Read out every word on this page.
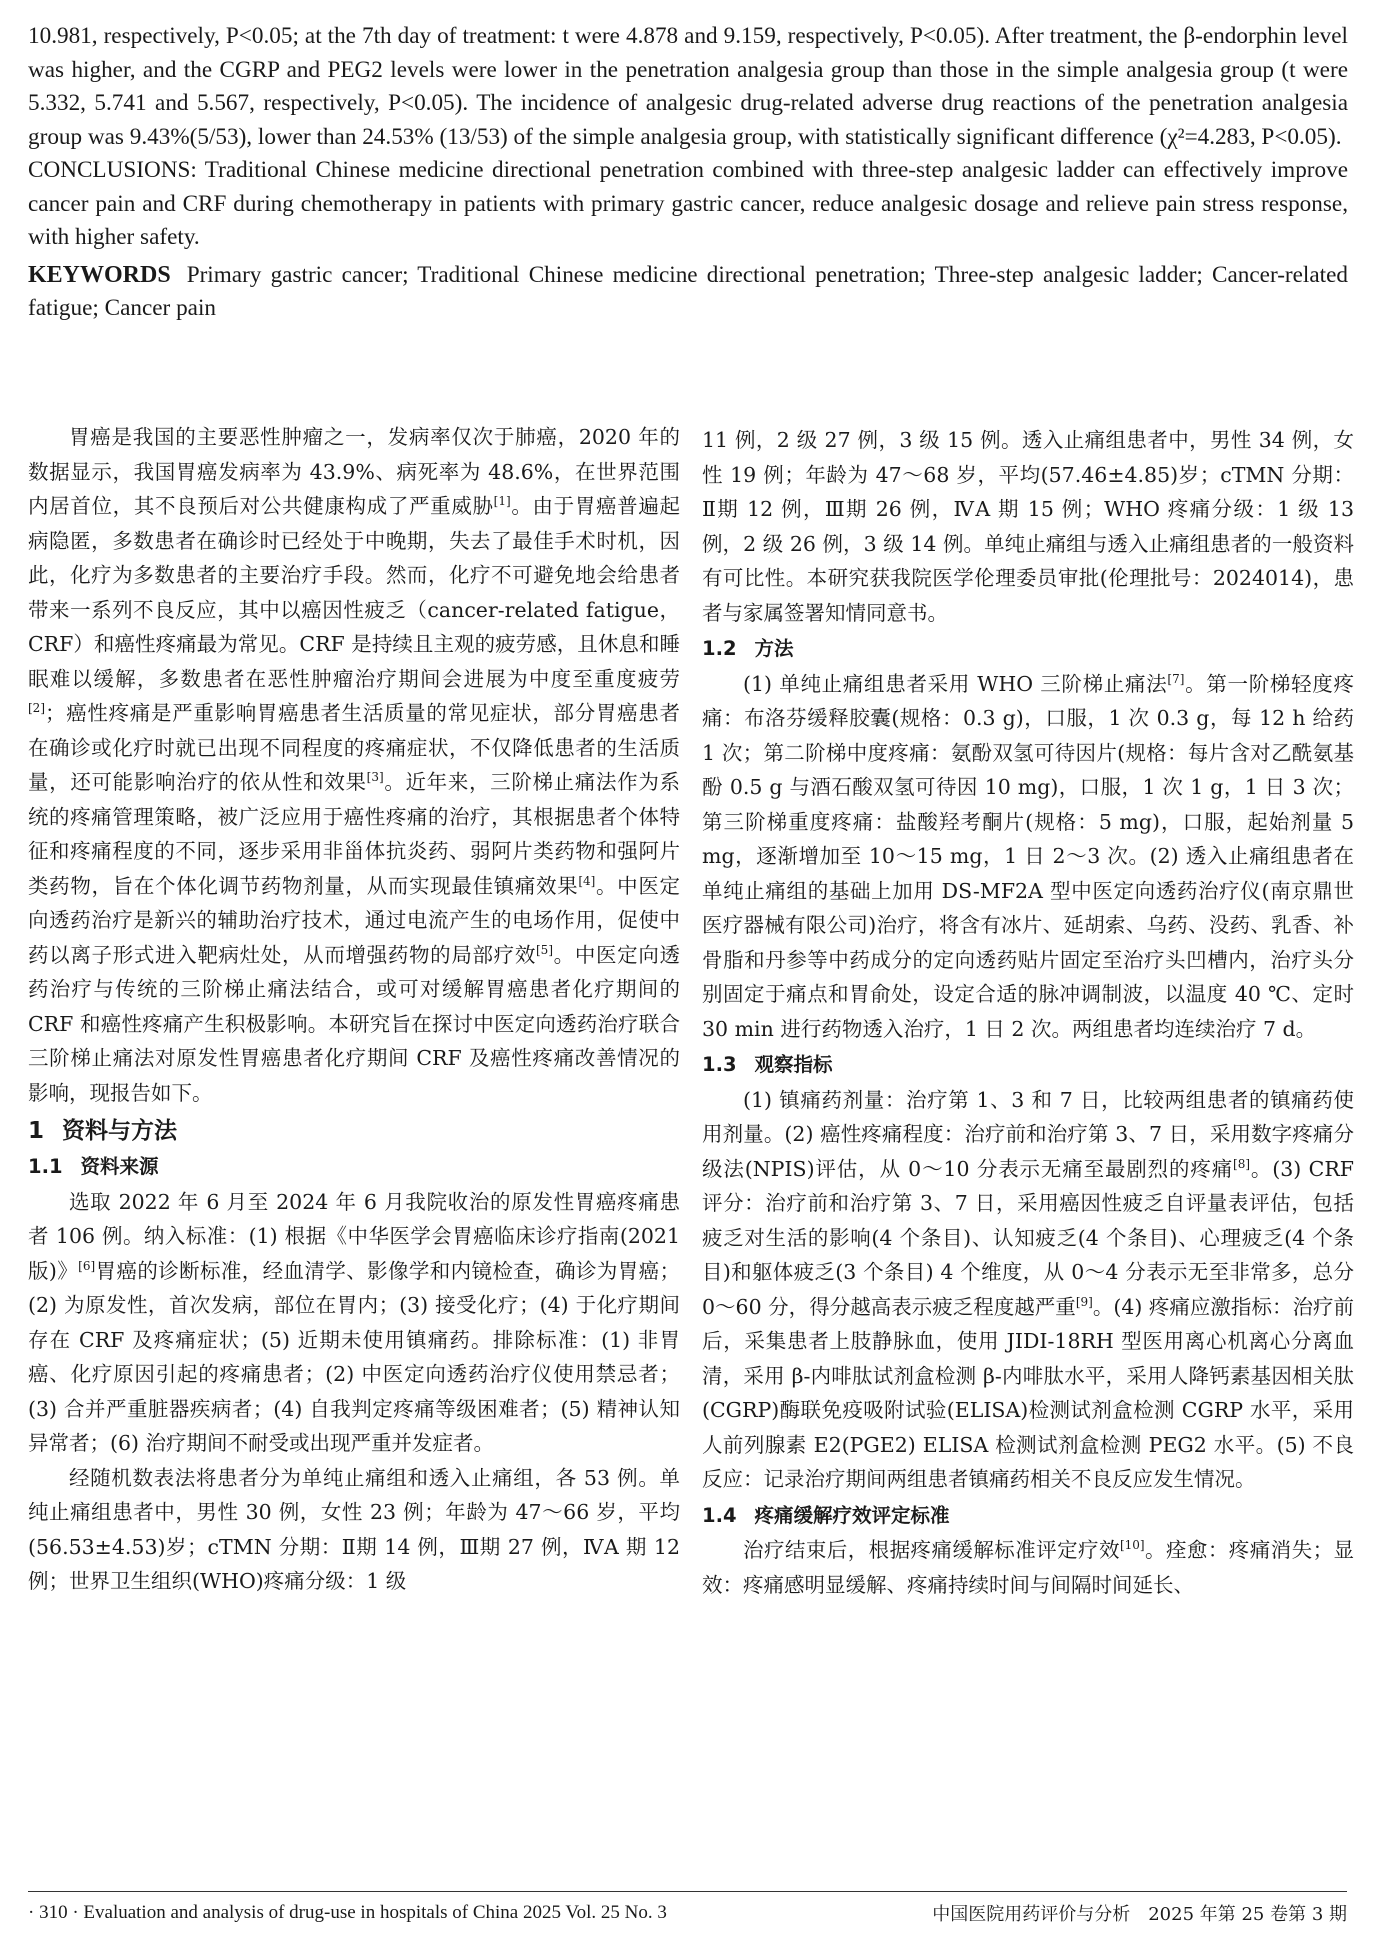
10.981, respectively, P<0.05; at the 7th day of treatment: t were 4.878 and 9.159, respectively, P<0.05). After treatment, the β-endorphin level was higher, and the CGRP and PEG2 levels were lower in the penetration analgesia group than those in the simple analgesia group (t were 5.332, 5.741 and 5.567, respectively, P<0.05). The incidence of analgesic drug-related adverse drug reactions of the penetration analgesia group was 9.43%(5/53), lower than 24.53% (13/53) of the simple analgesia group, with statistically significant difference (χ²=4.283, P<0.05).

CONCLUSIONS: Traditional Chinese medicine directional penetration combined with three-step analgesic ladder can effectively improve cancer pain and CRF during chemotherapy in patients with primary gastric cancer, reduce analgesic dosage and relieve pain stress response, with higher safety.

KEYWORDS Primary gastric cancer; Traditional Chinese medicine directional penetration; Three-step analgesic ladder; Cancer-related fatigue; Cancer pain

胃癌是我国的主要恶性肿瘤之一，发病率仅次于肺癌，2020 年的数据显示，我国胃癌发病率为 43.9%、病死率为 48.6%，在世界范围内居首位，其不良预后对公共健康构成了严重威胁[1]。由于胃癌普遍起病隐匿，多数患者在确诊时已经处于中晚期，失去了最佳手术时机，因此，化疗为多数患者的主要治疗手段。然而，化疗不可避免地会给患者带来一系列不良反应，其中以癌因性疲乏（cancer-related fatigue，CRF）和癌性疼痛最为常见。CRF 是持续且主观的疲劳感，且休息和睡眠难以缓解，多数患者在恶性肿瘤治疗期间会进展为中度至重度疲劳[2]；癌性疼痛是严重影响胃癌患者生活质量的常见症状，部分胃癌患者在确诊或化疗时就已出现不同程度的疼痛症状，不仅降低患者的生活质量，还可能影响治疗的依从性和效果[3]。近年来，三阶梯止痛法作为系统的疼痛管理策略，被广泛应用于癌性疼痛的治疗，其根据患者个体特征和疼痛程度的不同，逐步采用非甾体抗炎药、弱阿片类药物和强阿片类药物，旨在个体化调节药物剂量，从而实现最佳镇痛效果[4]。中医定向透药治疗是新兴的辅助治疗技术，通过电流产生的电场作用，促使中药以离子形式进入靶病灶处，从而增强药物的局部疗效[5]。中医定向透药治疗与传统的三阶梯止痛法结合，或可对缓解胃癌患者化疗期间的 CRF 和癌性疼痛产生积极影响。本研究旨在探讨中医定向透药治疗联合三阶梯止痛法对原发性胃癌患者化疗期间 CRF 及癌性疼痛改善情况的影响，现报告如下。

1 资料与方法

1.1 资料来源

选取 2022 年 6 月至 2024 年 6 月我院收治的原发性胃癌疼痛患者 106 例。纳入标准：(1) 根据《中华医学会胃癌临床诊疗指南(2021 版)》[6]胃癌的诊断标准，经血清学、影像学和内镜检查，确诊为胃癌；(2) 为原发性，首次发病，部位在胃内；(3) 接受化疗；(4) 于化疗期间存在 CRF 及疼痛症状；(5) 近期未使用镇痛药。排除标准：(1) 非胃癌、化疗原因引起的疼痛患者；(2) 中医定向透药治疗仪使用禁忌者；(3) 合并严重脏器疾病者；(4) 自我判定疼痛等级困难者；(5) 精神认知异常者；(6) 治疗期间不耐受或出现严重并发症者。

经随机数表法将患者分为单纯止痛组和透入止痛组，各 53 例。单纯止痛组患者中，男性 30 例，女性 23 例；年龄为 47～66 岁，平均(56.53±4.53)岁；cTMN 分期：Ⅱ期 14 例，Ⅲ期 27 例，ⅣA 期 12 例；世界卫生组织(WHO)疼痛分级：1 级

11 例，2 级 27 例，3 级 15 例。透入止痛组患者中，男性 34 例，女性 19 例；年龄为 47～68 岁，平均(57.46±4.85)岁；cTMN 分期：Ⅱ期 12 例，Ⅲ期 26 例，ⅣA 期 15 例；WHO 疼痛分级：1 级 13 例，2 级 26 例，3 级 14 例。单纯止痛组与透入止痛组患者的一般资料有可比性。本研究获我院医学伦理委员审批(伦理批号：2024014)，患者与家属签署知情同意书。

1.2 方法

(1) 单纯止痛组患者采用 WHO 三阶梯止痛法[7]。第一阶梯轻度疼痛：布洛芬缓释胶囊(规格：0.3 g)，口服，1 次 0.3 g，每 12 h 给药 1 次；第二阶梯中度疼痛：氨酚双氢可待因片(规格：每片含对乙酰氨基酚 0.5 g 与酒石酸双氢可待因 10 mg)，口服，1 次 1 g，1 日 3 次；第三阶梯重度疼痛：盐酸羟考酮片(规格：5 mg)，口服，起始剂量 5 mg，逐渐增加至 10～15 mg，1 日 2～3 次。(2) 透入止痛组患者在单纯止痛组的基础上加用 DS-MF2A 型中医定向透药治疗仪(南京鼎世医疗器械有限公司)治疗，将含有冰片、延胡索、乌药、没药、乳香、补骨脂和丹参等中药成分的定向透药贴片固定至治疗头凹槽内，治疗头分别固定于痛点和胃俞处，设定合适的脉冲调制波，以温度 40 ℃、定时 30 min 进行药物透入治疗，1 日 2 次。两组患者均连续治疗 7 d。

1.3 观察指标

(1) 镇痛药剂量：治疗第 1、3 和 7 日，比较两组患者的镇痛药使用剂量。(2) 癌性疼痛程度：治疗前和治疗第 3、7 日，采用数字疼痛分级法(NPIS)评估，从 0～10 分表示无痛至最剧烈的疼痛[8]。(3) CRF 评分：治疗前和治疗第 3、7 日，采用癌因性疲乏自评量表评估，包括疲乏对生活的影响(4 个条目)、认知疲乏(4 个条目)、心理疲乏(4 个条目)和躯体疲乏(3 个条目) 4 个维度，从 0～4 分表示无至非常多，总分 0～60 分，得分越高表示疲乏程度越严重[9]。(4) 疼痛应激指标：治疗前后，采集患者上肢静脉血，使用 JIDI-18RH 型医用离心机离心分离血清，采用 β-内啡肽试剂盒检测 β-内啡肽水平，采用人降钙素基因相关肽(CGRP)酶联免疫吸附试验(ELISA)检测试剂盒检测 CGRP 水平，采用人前列腺素 E2(PGE2) ELISA 检测试剂盒检测 PEG2 水平。(5) 不良反应：记录治疗期间两组患者镇痛药相关不良反应发生情况。

1.4 疼痛缓解疗效评定标准

治疗结束后，根据疼痛缓解标准评定疗效[10]。痊愈：疼痛消失；显效：疼痛感明显缓解、疼痛持续时间与间隔时间延长、

· 310 · Evaluation and analysis of drug-use in hospitals of China 2025 Vol. 25 No. 3	中国医院用药评价与分析　2025 年第 25 卷第 3 期
